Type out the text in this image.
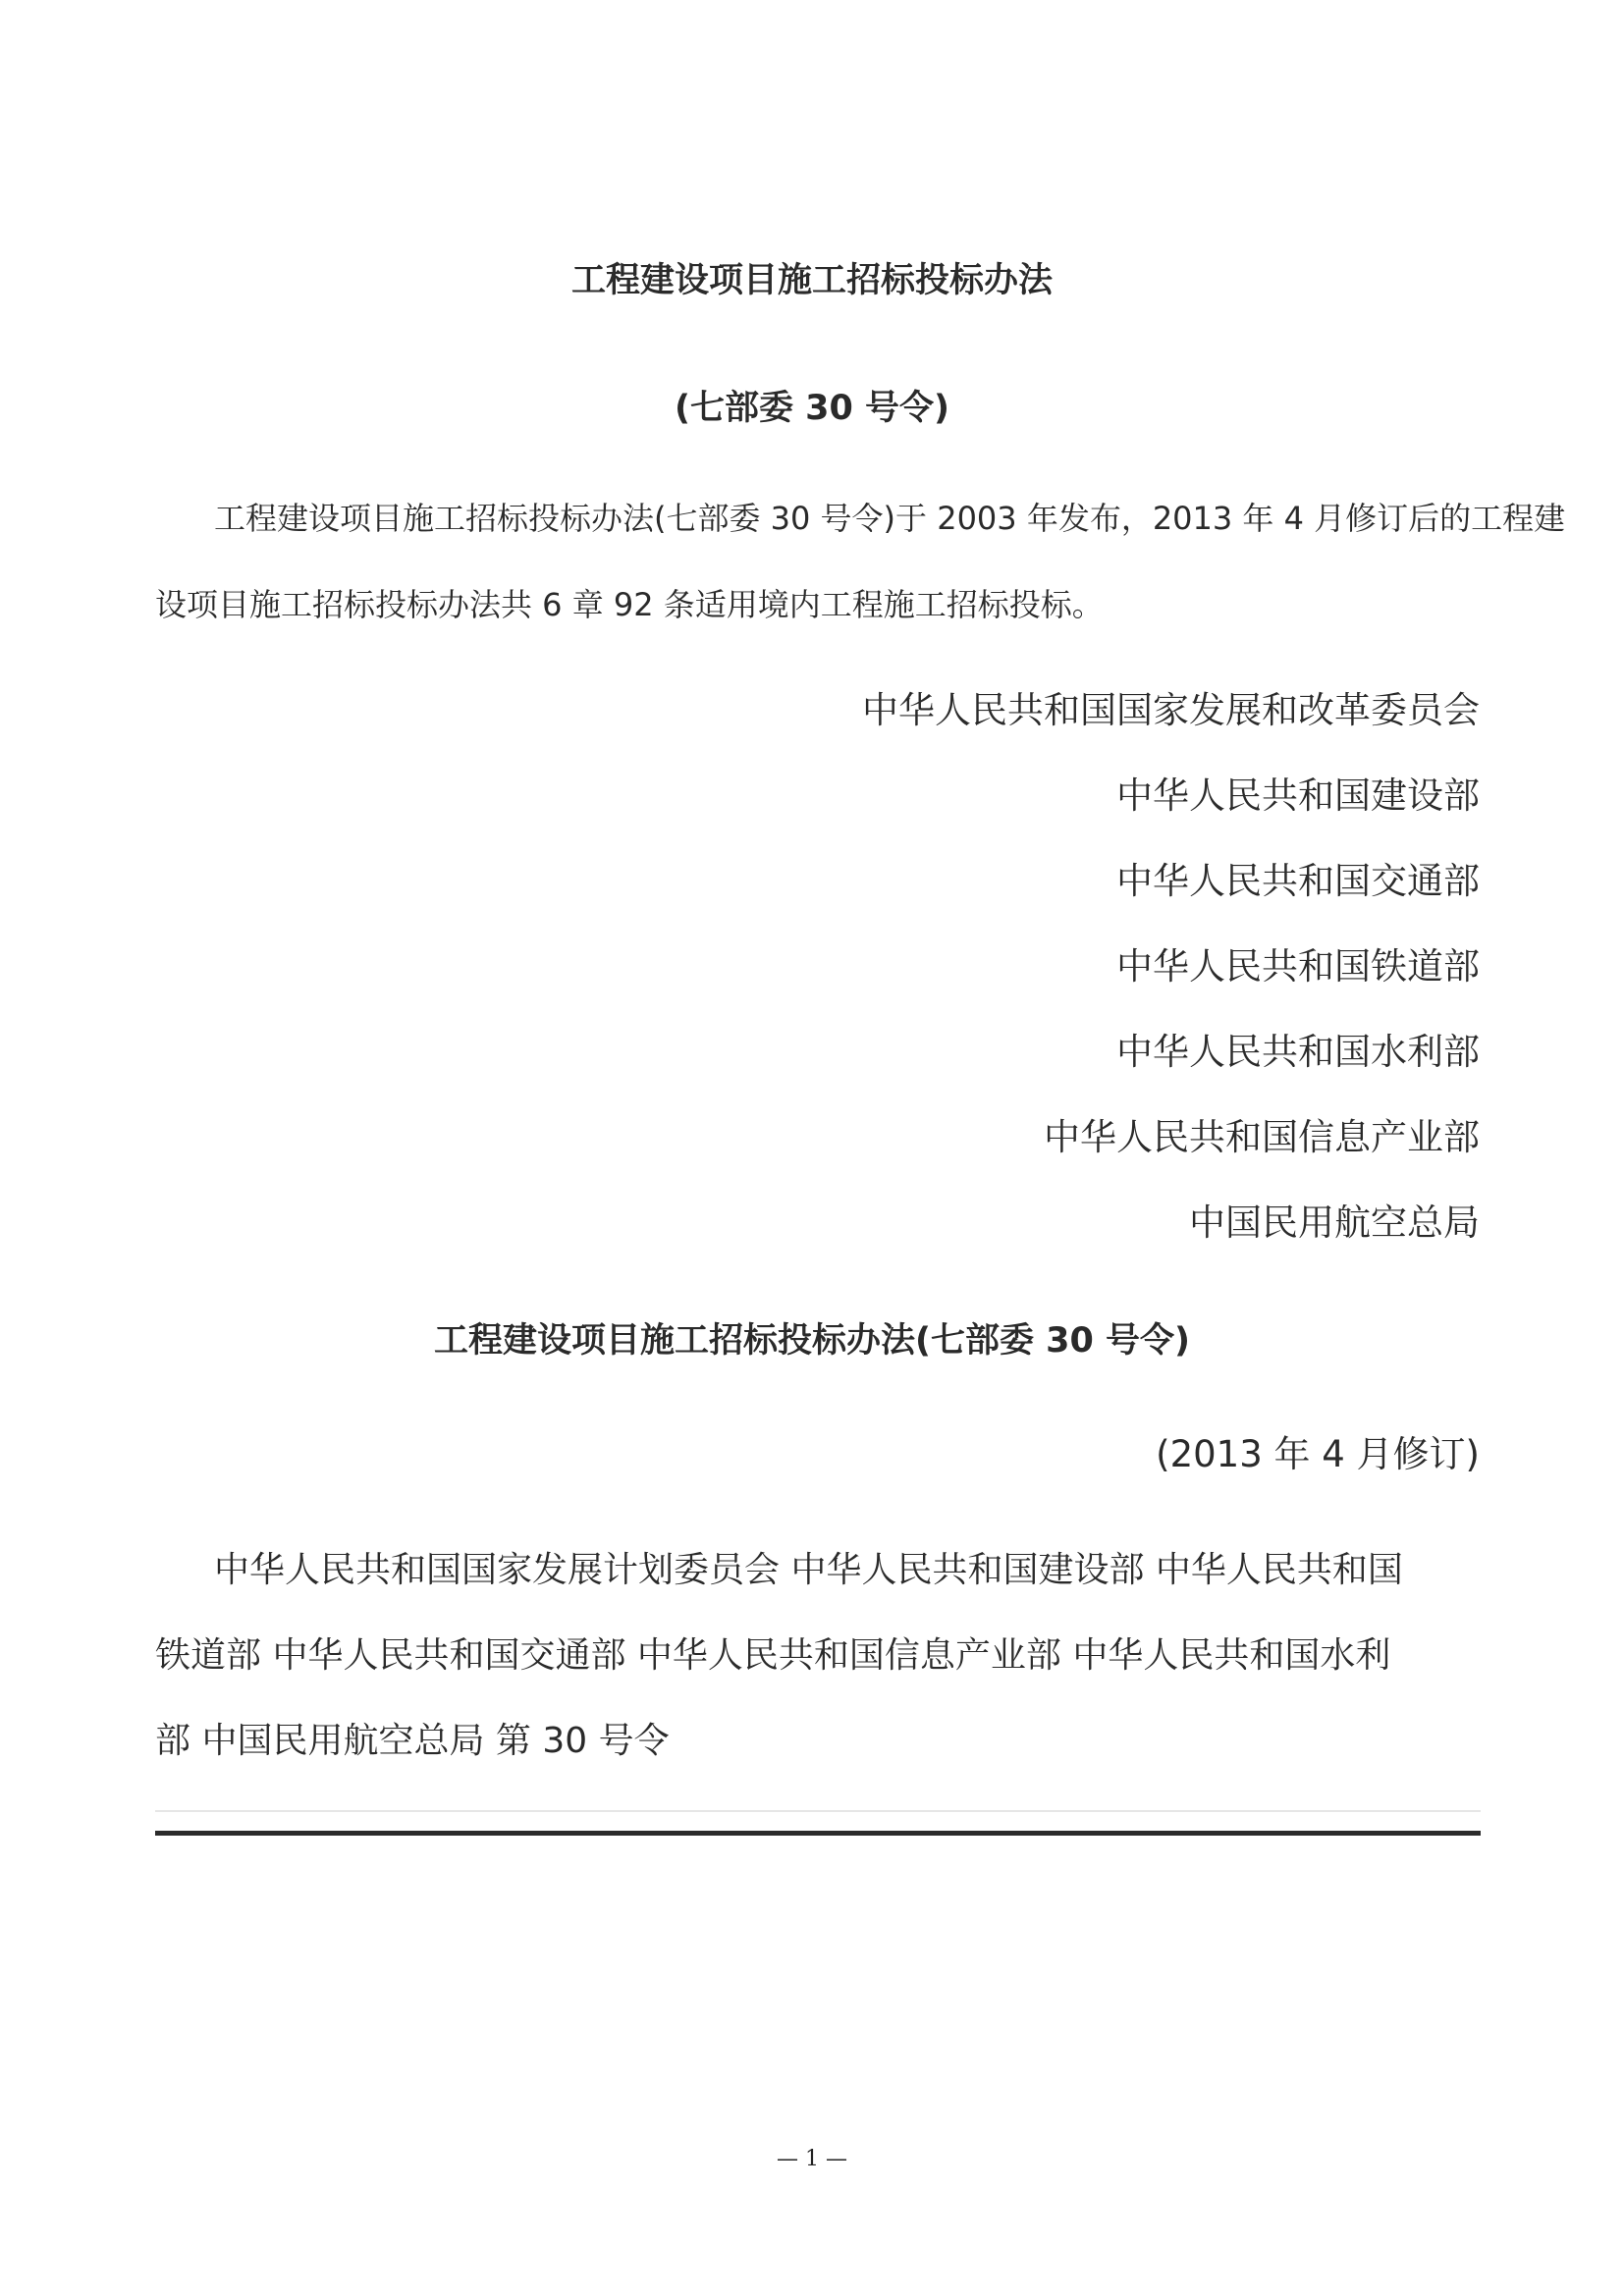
工程建设项目施工招标投标办法
(七部委 30 号令)
工程建设项目施工招标投标办法(七部委 30 号令)于 2003 年发布，2013 年 4 月修订后的工程建
设项目施工招标投标办法共 6 章 92 条适用境内工程施工招标投标。
中华人民共和国国家发展和改革委员会
中华人民共和国建设部
中华人民共和国交通部
中华人民共和国铁道部
中华人民共和国水利部
中华人民共和国信息产业部
中国民用航空总局
工程建设项目施工招标投标办法(七部委 30 号令)
(2013 年 4 月修订)
中华人民共和国国家发展计划委员会 中华人民共和国建设部 中华人民共和国
铁道部 中华人民共和国交通部 中华人民共和国信息产业部 中华人民共和国水利
部 中国民用航空总局 第 30 号令
— 1 —
